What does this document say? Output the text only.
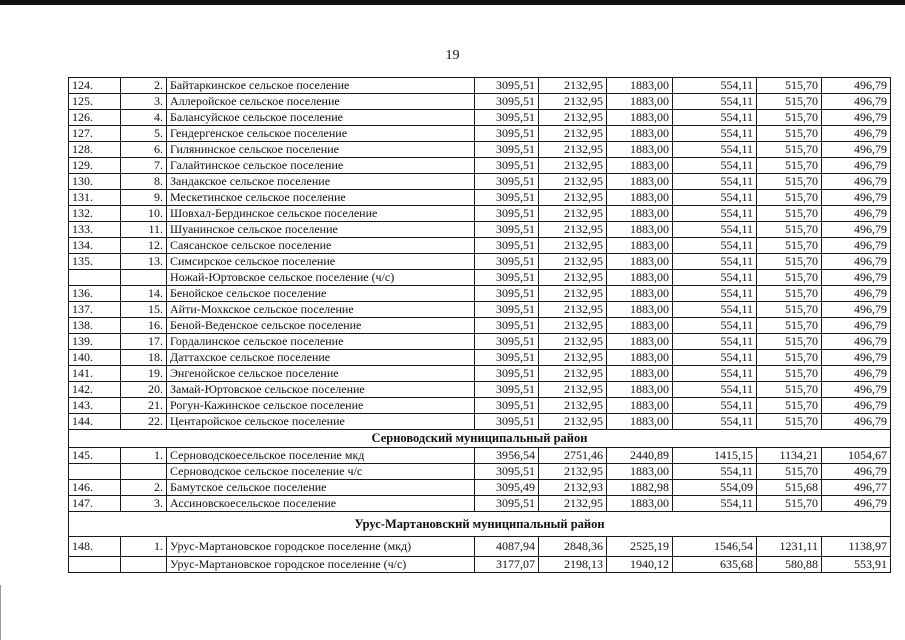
19
124.	2.	Байтаркинское сельское поселение	3095,51	2132,95	1883,00	554,11	515,70	496,79
125.	3.	Аллеройское сельское поселение	3095,51	2132,95	1883,00	554,11	515,70	496,79
126.	4.	Балансуйское сельское поселение	3095,51	2132,95	1883,00	554,11	515,70	496,79
127.	5.	Гендергенское сельское поселение	3095,51	2132,95	1883,00	554,11	515,70	496,79
128.	6.	Гилянинское сельское поселение	3095,51	2132,95	1883,00	554,11	515,70	496,79
129.	7.	Галайтинское сельское поселение	3095,51	2132,95	1883,00	554,11	515,70	496,79
130.	8.	Зандакское сельское поселение	3095,51	2132,95	1883,00	554,11	515,70	496,79
131.	9.	Мескетинское сельское поселение	3095,51	2132,95	1883,00	554,11	515,70	496,79
132.	10.	Шовхал-Бердинское сельское поселение	3095,51	2132,95	1883,00	554,11	515,70	496,79
133.	11.	Шуанинское сельское поселение	3095,51	2132,95	1883,00	554,11	515,70	496,79
134.	12.	Саясанское сельское поселение	3095,51	2132,95	1883,00	554,11	515,70	496,79
135.	13.	Симсирское сельское поселение	3095,51	2132,95	1883,00	554,11	515,70	496,79
		Ножай-Юртовское сельское поселение (ч/с)	3095,51	2132,95	1883,00	554,11	515,70	496,79
136.	14.	Бенойское сельское поселение	3095,51	2132,95	1883,00	554,11	515,70	496,79
137.	15.	Айти-Мохкское сельское поселение	3095,51	2132,95	1883,00	554,11	515,70	496,79
138.	16.	Беной-Веденское сельское поселение	3095,51	2132,95	1883,00	554,11	515,70	496,79
139.	17.	Гордалинское сельское поселение	3095,51	2132,95	1883,00	554,11	515,70	496,79
140.	18.	Даттахское сельское поселение	3095,51	2132,95	1883,00	554,11	515,70	496,79
141.	19.	Энгенойское сельское поселение	3095,51	2132,95	1883,00	554,11	515,70	496,79
142.	20.	Замай-Юртовское сельское поселение	3095,51	2132,95	1883,00	554,11	515,70	496,79
143.	21.	Рогун-Кажинское сельское поселение	3095,51	2132,95	1883,00	554,11	515,70	496,79
144.	22.	Центаройское сельское поселение	3095,51	2132,95	1883,00	554,11	515,70	496,79
Серноводский муниципальный район								
145.	1.	Серноводскоесельское поселение мкд	3956,54	2751,46	2440,89	1415,15	1134,21	1054,67
		Серноводское сельское поселение ч/с	3095,51	2132,95	1883,00	554,11	515,70	496,79
146.	2.	Бамутское сельское поселение	3095,49	2132,93	1882,98	554,09	515,68	496,77
147.	3.	Ассиновскоесельское поселение	3095,51	2132,95	1883,00	554,11	515,70	496,79
Урус-Мартановский муниципальный район								
148.	1.	Урус-Мартановское городское поселение (мкд)	4087,94	2848,36	2525,19	1546,54	1231,11	1138,97
		Урус-Мартановское городское поселение (ч/с)	3177,07	2198,13	1940,12	635,68	580,88	553,91
